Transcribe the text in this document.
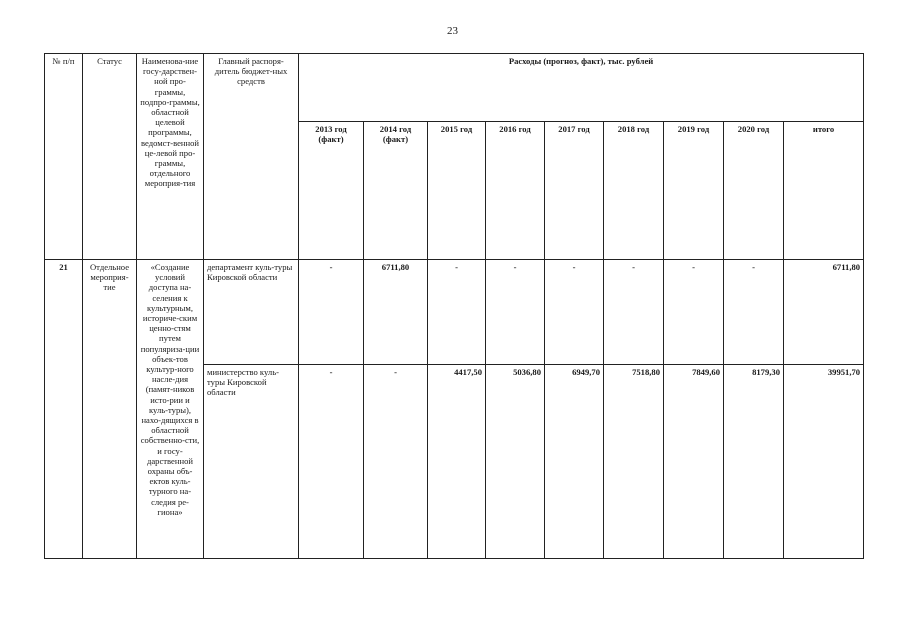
23
№ п/п	Статус	Наименова-ние госу-дарствен-ной про-граммы, подпро-граммы, областной целевой программы, ведомст-венной це-левой про-граммы, отдельного мероприя-тия	Главный распоря-дитель бюджет-ных средств	Расходы (прогноз, факт), тыс. рублей								
				2013 год (факт)	2014 год (факт)	2015 год	2016 год	2017 год	2018 год	2019 год	2020 год	итого
21	Отдельное мероприя-тие	«Создание условий доступа на-селения к культурным, историче-ским ценно-стям путем популяриза-ции объек-тов культур-ного насле-дия (памят-ников исто-рии и куль-туры), нахо-дящихся в областной собственно-сти, и госу-дарственной охраны объ-ектов куль-турного на-следия ре-гиона»	департамент куль-туры Кировской области	-	6711,80	-	-	-	-	-	-	6711,80
			министерство куль-туры Кировской области	-	-	4417,50	5036,80	6949,70	7518,80	7849,60	8179,30	39951,70
